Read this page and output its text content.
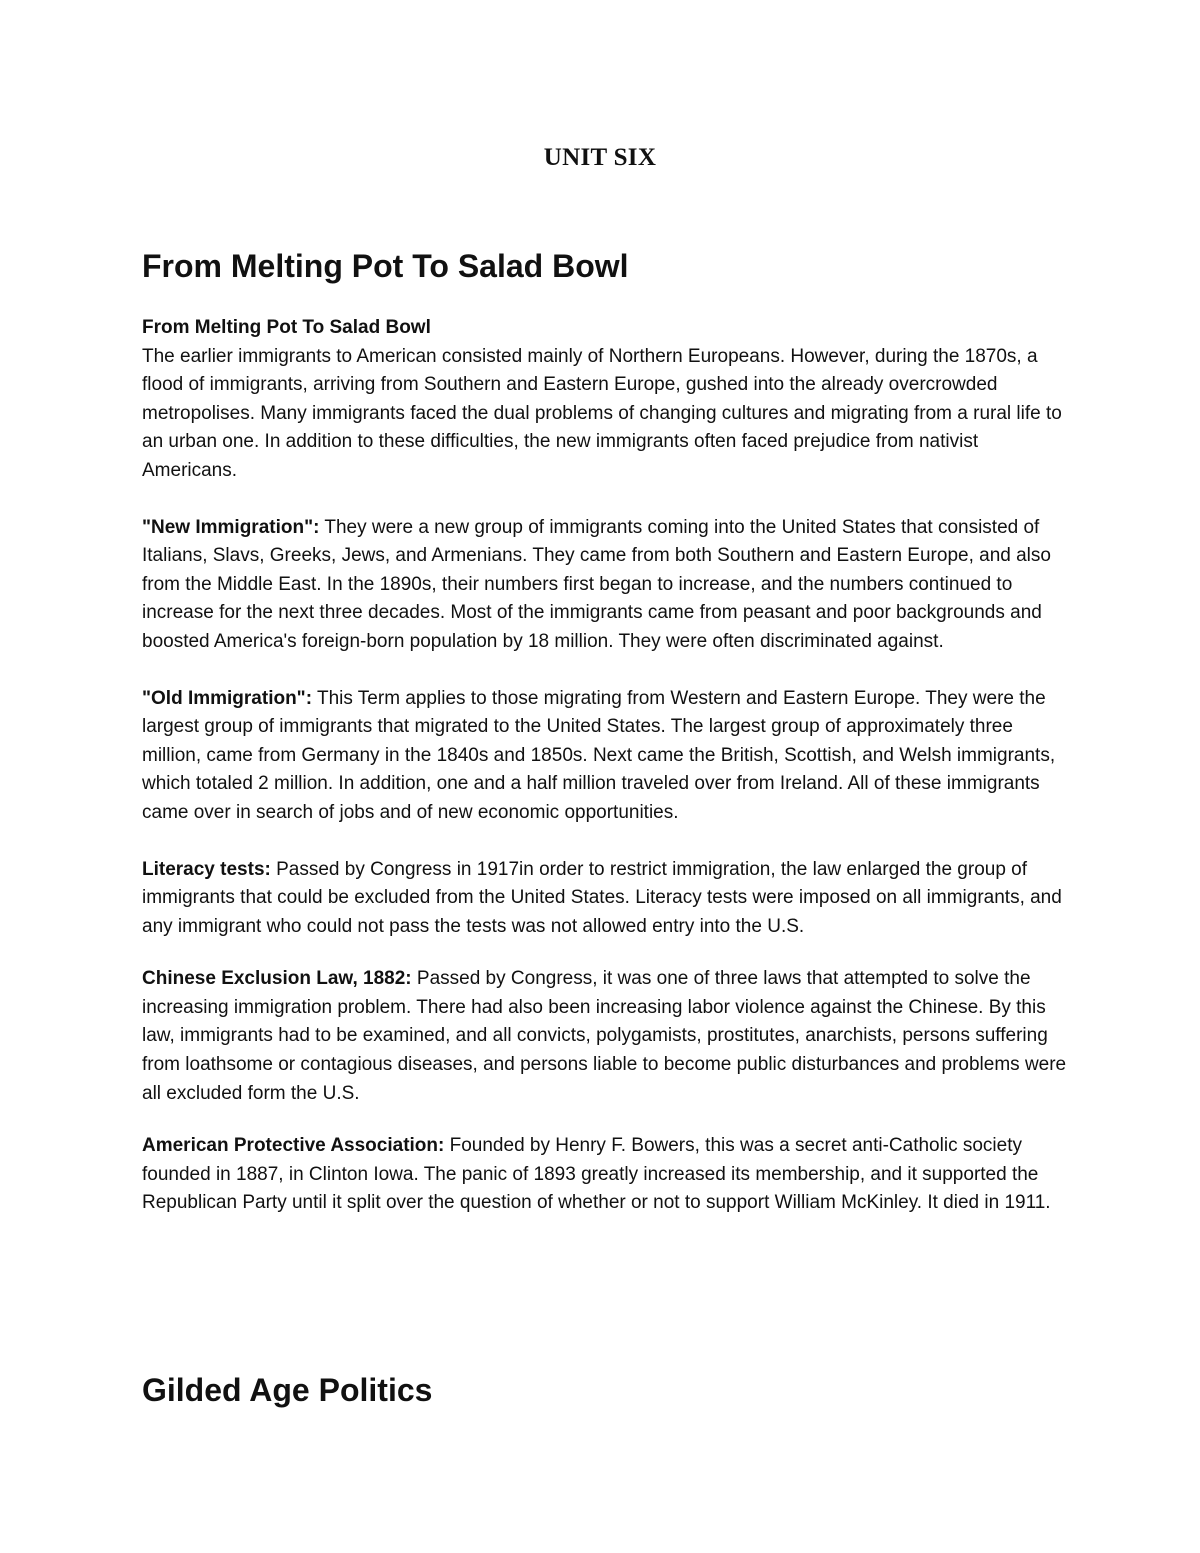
UNIT SIX
From Melting Pot To Salad Bowl

From Melting Pot To Salad Bowl
The earlier immigrants to American consisted mainly of Northern Europeans. However, during the 1870s, a flood of immigrants, arriving from Southern and Eastern Europe, gushed into the already overcrowded metropolises. Many immigrants faced the dual problems of changing cultures and migrating from a rural life to an urban one. In addition to these difficulties, the new immigrants often faced prejudice from nativist Americans.

"New Immigration": They were a new group of immigrants coming into the United States that consisted of Italians, Slavs, Greeks, Jews, and Armenians. They came from both Southern and Eastern Europe, and also from the Middle East. In the 1890s, their numbers first began to increase, and the numbers continued to increase for the next three decades. Most of the immigrants came from peasant and poor backgrounds and boosted America's foreign-born population by 18 million. They were often discriminated against.

"Old Immigration": This Term applies to those migrating from Western and Eastern Europe. They were the largest group of immigrants that migrated to the United States. The largest group of approximately three million, came from Germany in the 1840s and 1850s. Next came the British, Scottish, and Welsh immigrants, which totaled 2 million. In addition, one and a half million traveled over from Ireland. All of these immigrants came over in search of jobs and of new economic opportunities.

Literacy tests: Passed by Congress in 1917in order to restrict immigration, the law enlarged the group of immigrants that could be excluded from the United States. Literacy tests were imposed on all immigrants, and any immigrant who could not pass the tests was not allowed entry into the U.S.

Chinese Exclusion Law, 1882: Passed by Congress, it was one of three laws that attempted to solve the increasing immigration problem. There had also been increasing labor violence against the Chinese. By this law, immigrants had to be examined, and all convicts, polygamists, prostitutes, anarchists, persons suffering from loathsome or contagious diseases, and persons liable to become public disturbances and problems were all excluded form the U.S.

American Protective Association: Founded by Henry F. Bowers, this was a secret anti-Catholic society founded in 1887, in Clinton Iowa. The panic of 1893 greatly increased its membership, and it supported the Republican Party until it split over the question of whether or not to support William McKinley. It died in 1911.

Gilded Age Politics
